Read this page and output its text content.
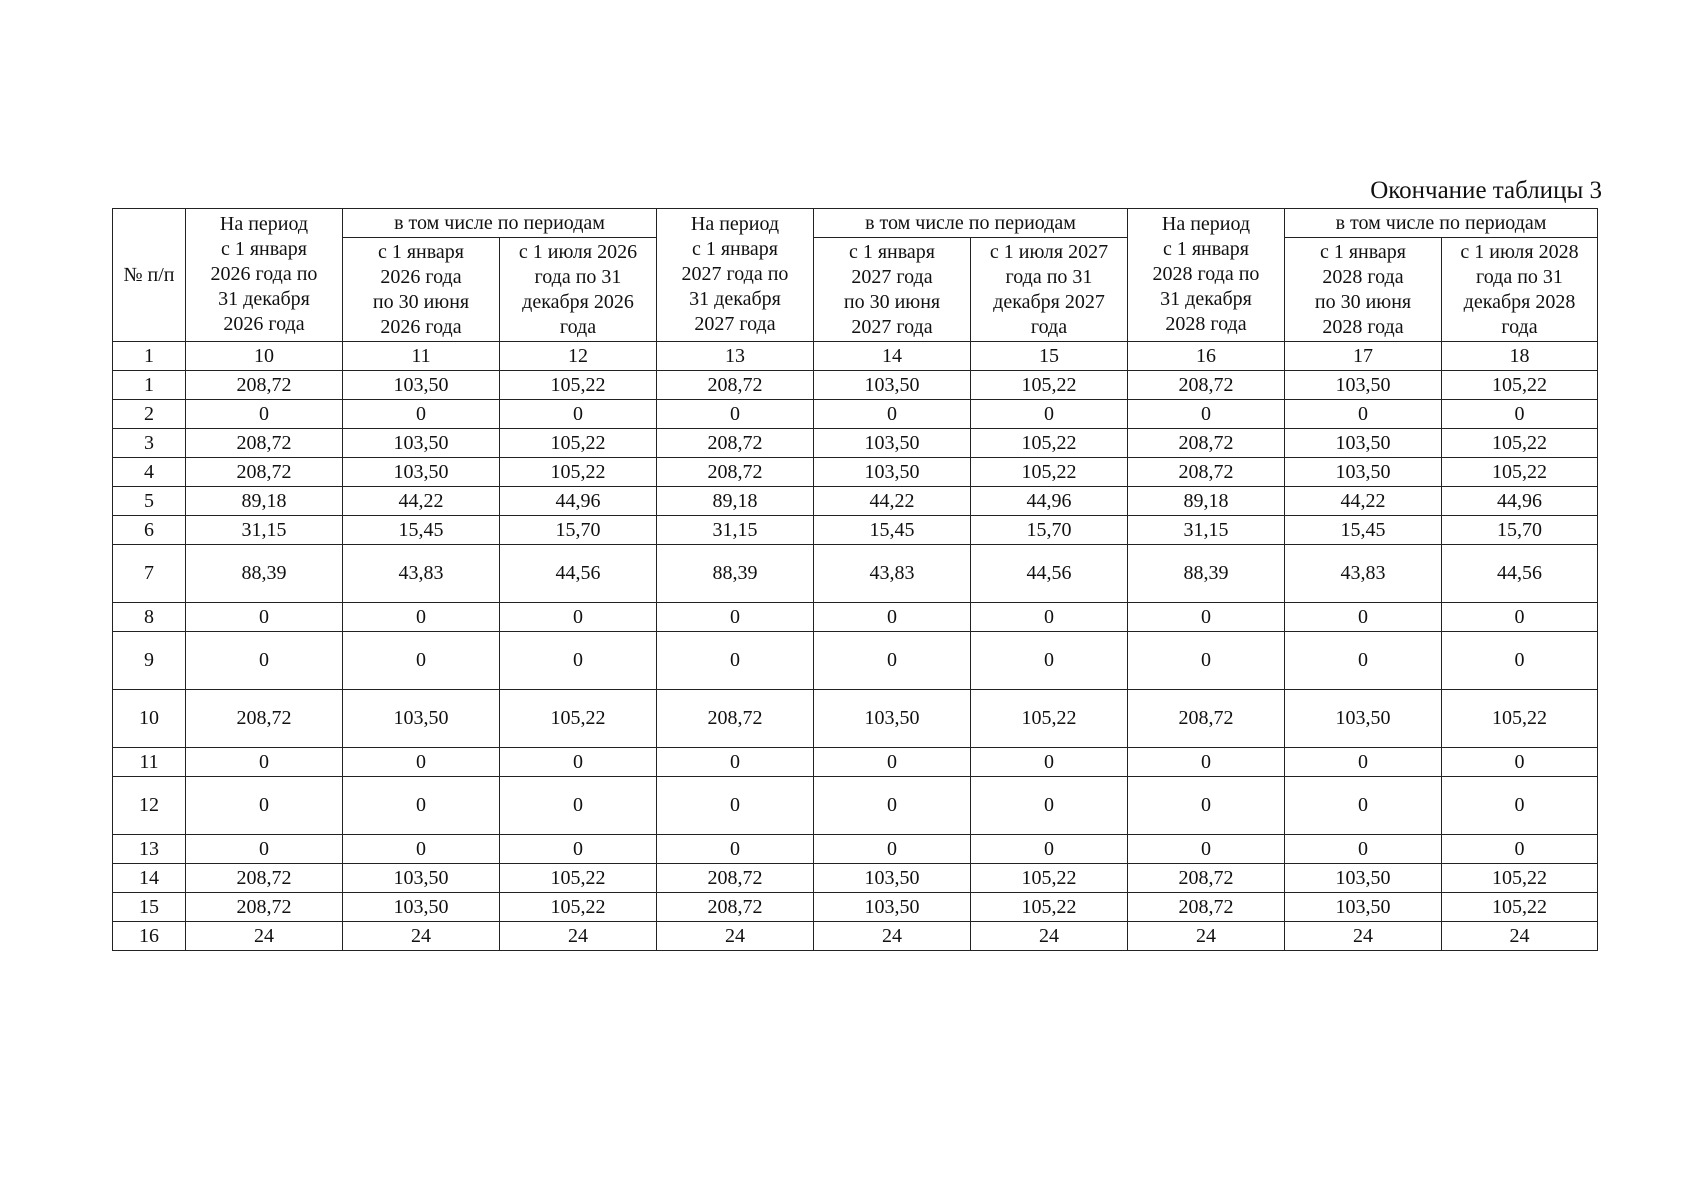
Окончание таблицы 3
№ п/п	На период
с 1 января
2026 года по
31 декабря
2026 года	в том числе по периодам		На период
с 1 января
2027 года по
31 декабря
2027 года	в том числе по периодам		На период
с 1 января
2028 года по
31 декабря
2028 года	в том числе по периодам	

		с 1 января
2026 года
по 30 июня
2026 года	с 1 июля 2026
года по 31
декабря 2026
года		с 1 января
2027 года
по 30 июня
2027 года	с 1 июля 2027
года по 31
декабря 2027
года		с 1 января
2028 года
по 30 июня
2028 года	с 1 июля 2028
года по 31
декабря 2028
года

1	10	11	12	13	14	15	16	17	18
1	208,72	103,50	105,22	208,72	103,50	105,22	208,72	103,50	105,22
2	0	0	0	0	0	0	0	0	0
3	208,72	103,50	105,22	208,72	103,50	105,22	208,72	103,50	105,22
4	208,72	103,50	105,22	208,72	103,50	105,22	208,72	103,50	105,22
5	89,18	44,22	44,96	89,18	44,22	44,96	89,18	44,22	44,96
6	31,15	15,45	15,70	31,15	15,45	15,70	31,15	15,45	15,70
7	88,39	43,83	44,56	88,39	43,83	44,56	88,39	43,83	44,56
8	0	0	0	0	0	0	0	0	0
9	0	0	0	0	0	0	0	0	0
10	208,72	103,50	105,22	208,72	103,50	105,22	208,72	103,50	105,22
11	0	0	0	0	0	0	0	0	0
12	0	0	0	0	0	0	0	0	0
13	0	0	0	0	0	0	0	0	0
14	208,72	103,50	105,22	208,72	103,50	105,22	208,72	103,50	105,22
15	208,72	103,50	105,22	208,72	103,50	105,22	208,72	103,50	105,22
16	24	24	24	24	24	24	24	24	24
